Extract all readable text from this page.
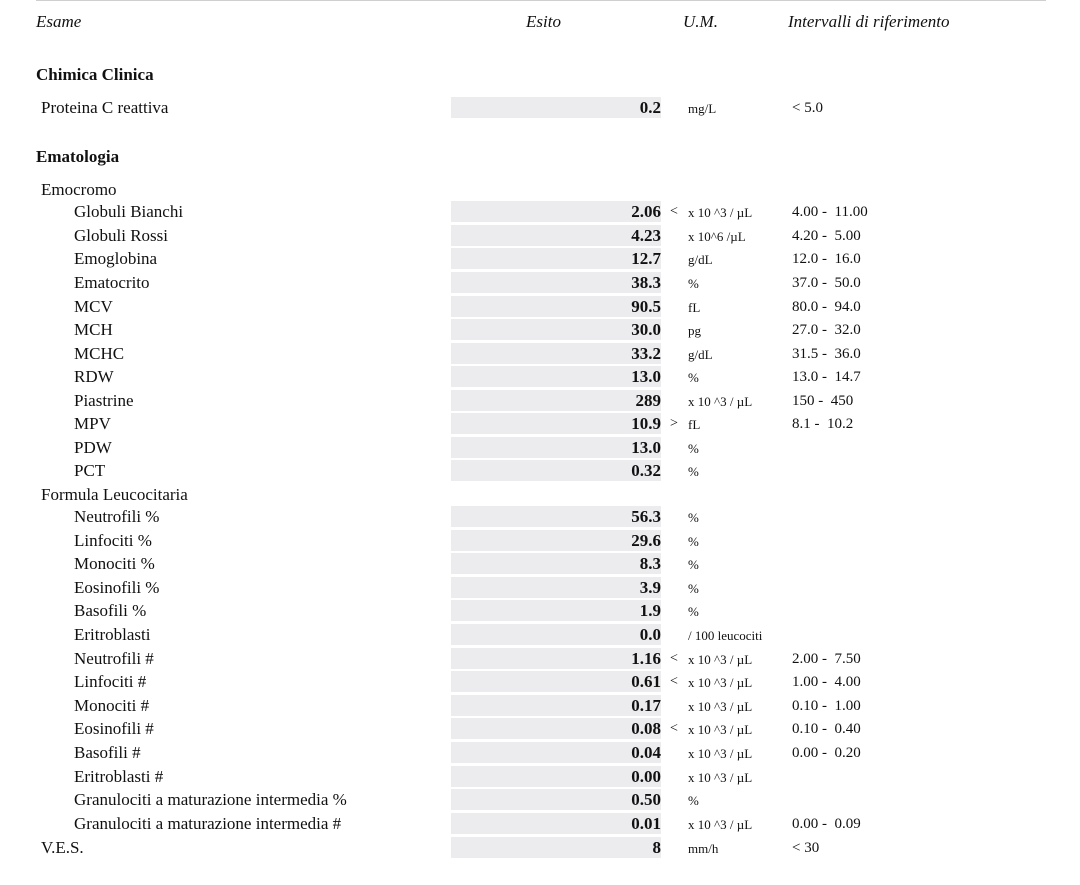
Esame	Esito	U.M.	Intervalli di riferimento
Chimica Clinica
Ematologia
Emocromo
Formula Leucocitaria
Proteina C reattiva	0.2 mg/L	< 5.0
Globuli Bianchi	2.06 < x 10 ^3 / µL	4.00 -  11.00
Globuli Rossi	4.23 x 10^6 /µL	4.20 -  5.00
Emoglobina	12.7 g/dL	12.0 -  16.0
Ematocrito	38.3 %	37.0 -  50.0
MCV	90.5 fL	80.0 -  94.0
MCH	30.0 pg	27.0 -  32.0
MCHC	33.2 g/dL	31.5 -  36.0
RDW	13.0 %	13.0 -  14.7
Piastrine	289 x 10 ^3 / µL	150 -  450
MPV	10.9 > fL	8.1 -  10.2
PDW	13.0 %
PCT	0.32 %
Neutrofili %	56.3 %
Linfociti %	29.6 %
Monociti %	8.3 %
Eosinofili %	3.9 %
Basofili %	1.9 %
Eritroblasti	0.0 / 100 leucociti
Neutrofili #	1.16 < x 10 ^3 / µL	2.00 -  7.50
Linfociti #	0.61 < x 10 ^3 / µL	1.00 -  4.00
Monociti #	0.17 x 10 ^3 / µL	0.10 -  1.00
Eosinofili #	0.08 < x 10 ^3 / µL	0.10 -  0.40
Basofili #	0.04 x 10 ^3 / µL	0.00 -  0.20
Eritroblasti #	0.00 x 10 ^3 / µL
Granulociti a maturazione intermedia %	0.50 %
Granulociti a maturazione intermedia #	0.01 x 10 ^3 / µL	0.00 -  0.09
V.E.S.	8 mm/h	< 30
